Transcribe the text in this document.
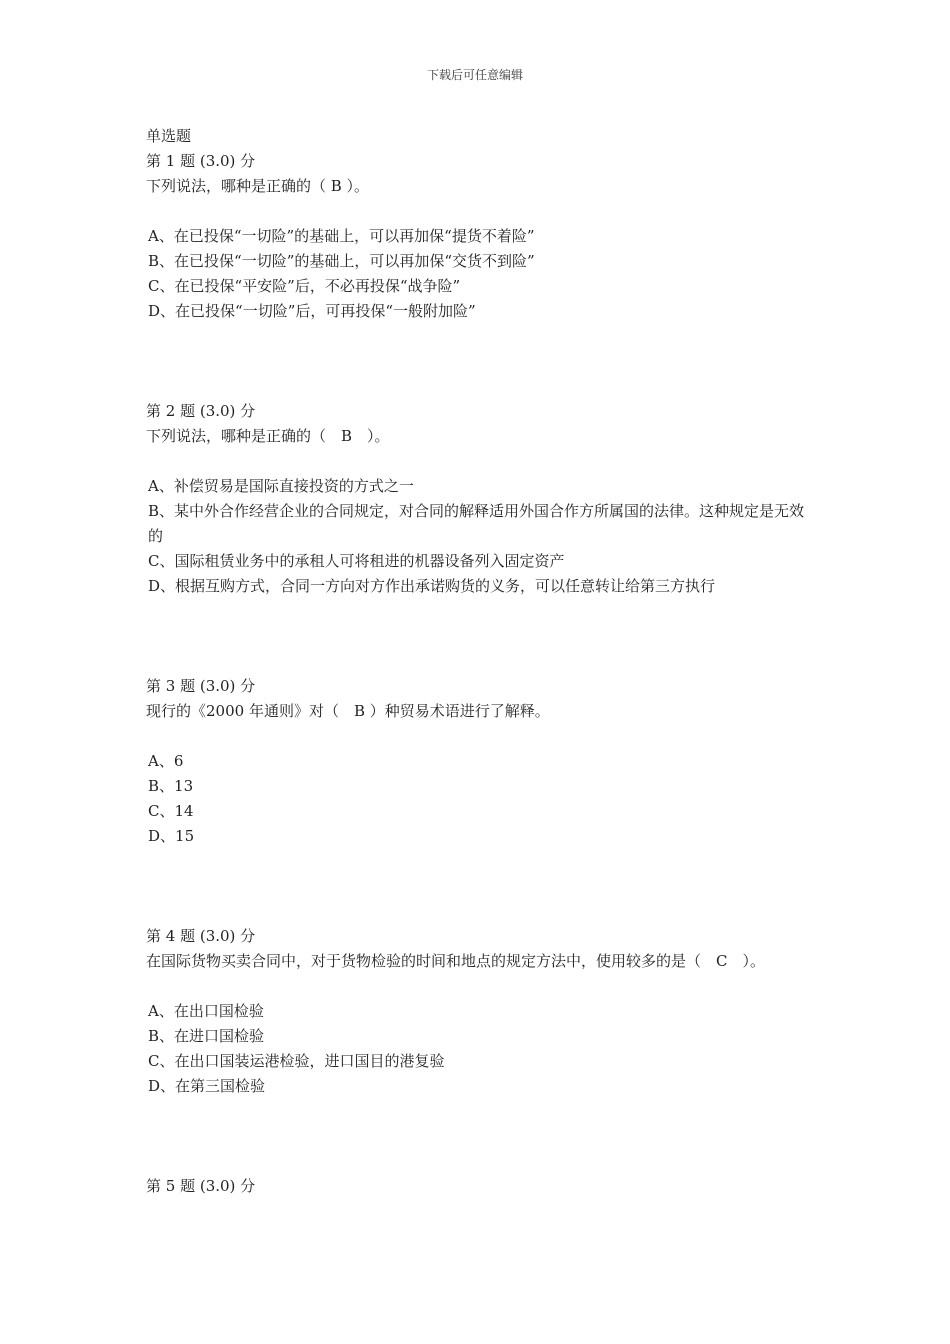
下载后可任意编辑
单选题
第 1 题 (3.0) 分
下列说法，哪种是正确的（ B ）。
A、在已投保“一切险”的基础上，可以再加保“提货不着险”
B、在已投保“一切险”的基础上，可以再加保“交货不到险”
C、在已投保“平安险”后，不必再投保“战争险”
D、在已投保“一切险”后，可再投保“一般附加险”
第 2 题 (3.0) 分
下列说法，哪种是正确的（　B　）。
A、补偿贸易是国际直接投资的方式之一
B、某中外合作经营企业的合同规定，对合同的解释适用外国合作方所属国的法律。这种规定是无效的
C、国际租赁业务中的承租人可将租进的机器设备列入固定资产
D、根据互购方式，合同一方向对方作出承诺购货的义务，可以任意转让给第三方执行
第 3 题 (3.0) 分
现行的《2000 年通则》对（　B ）种贸易术语进行了解释。
A、6
B、13
C、14
D、15
第 4 题 (3.0) 分
在国际货物买卖合同中，对于货物检验的时间和地点的规定方法中，使用较多的是（　C　）。
A、在出口国检验
B、在进口国检验
C、在出口国装运港检验，进口国目的港复验
D、在第三国检验
第 5 题 (3.0) 分
